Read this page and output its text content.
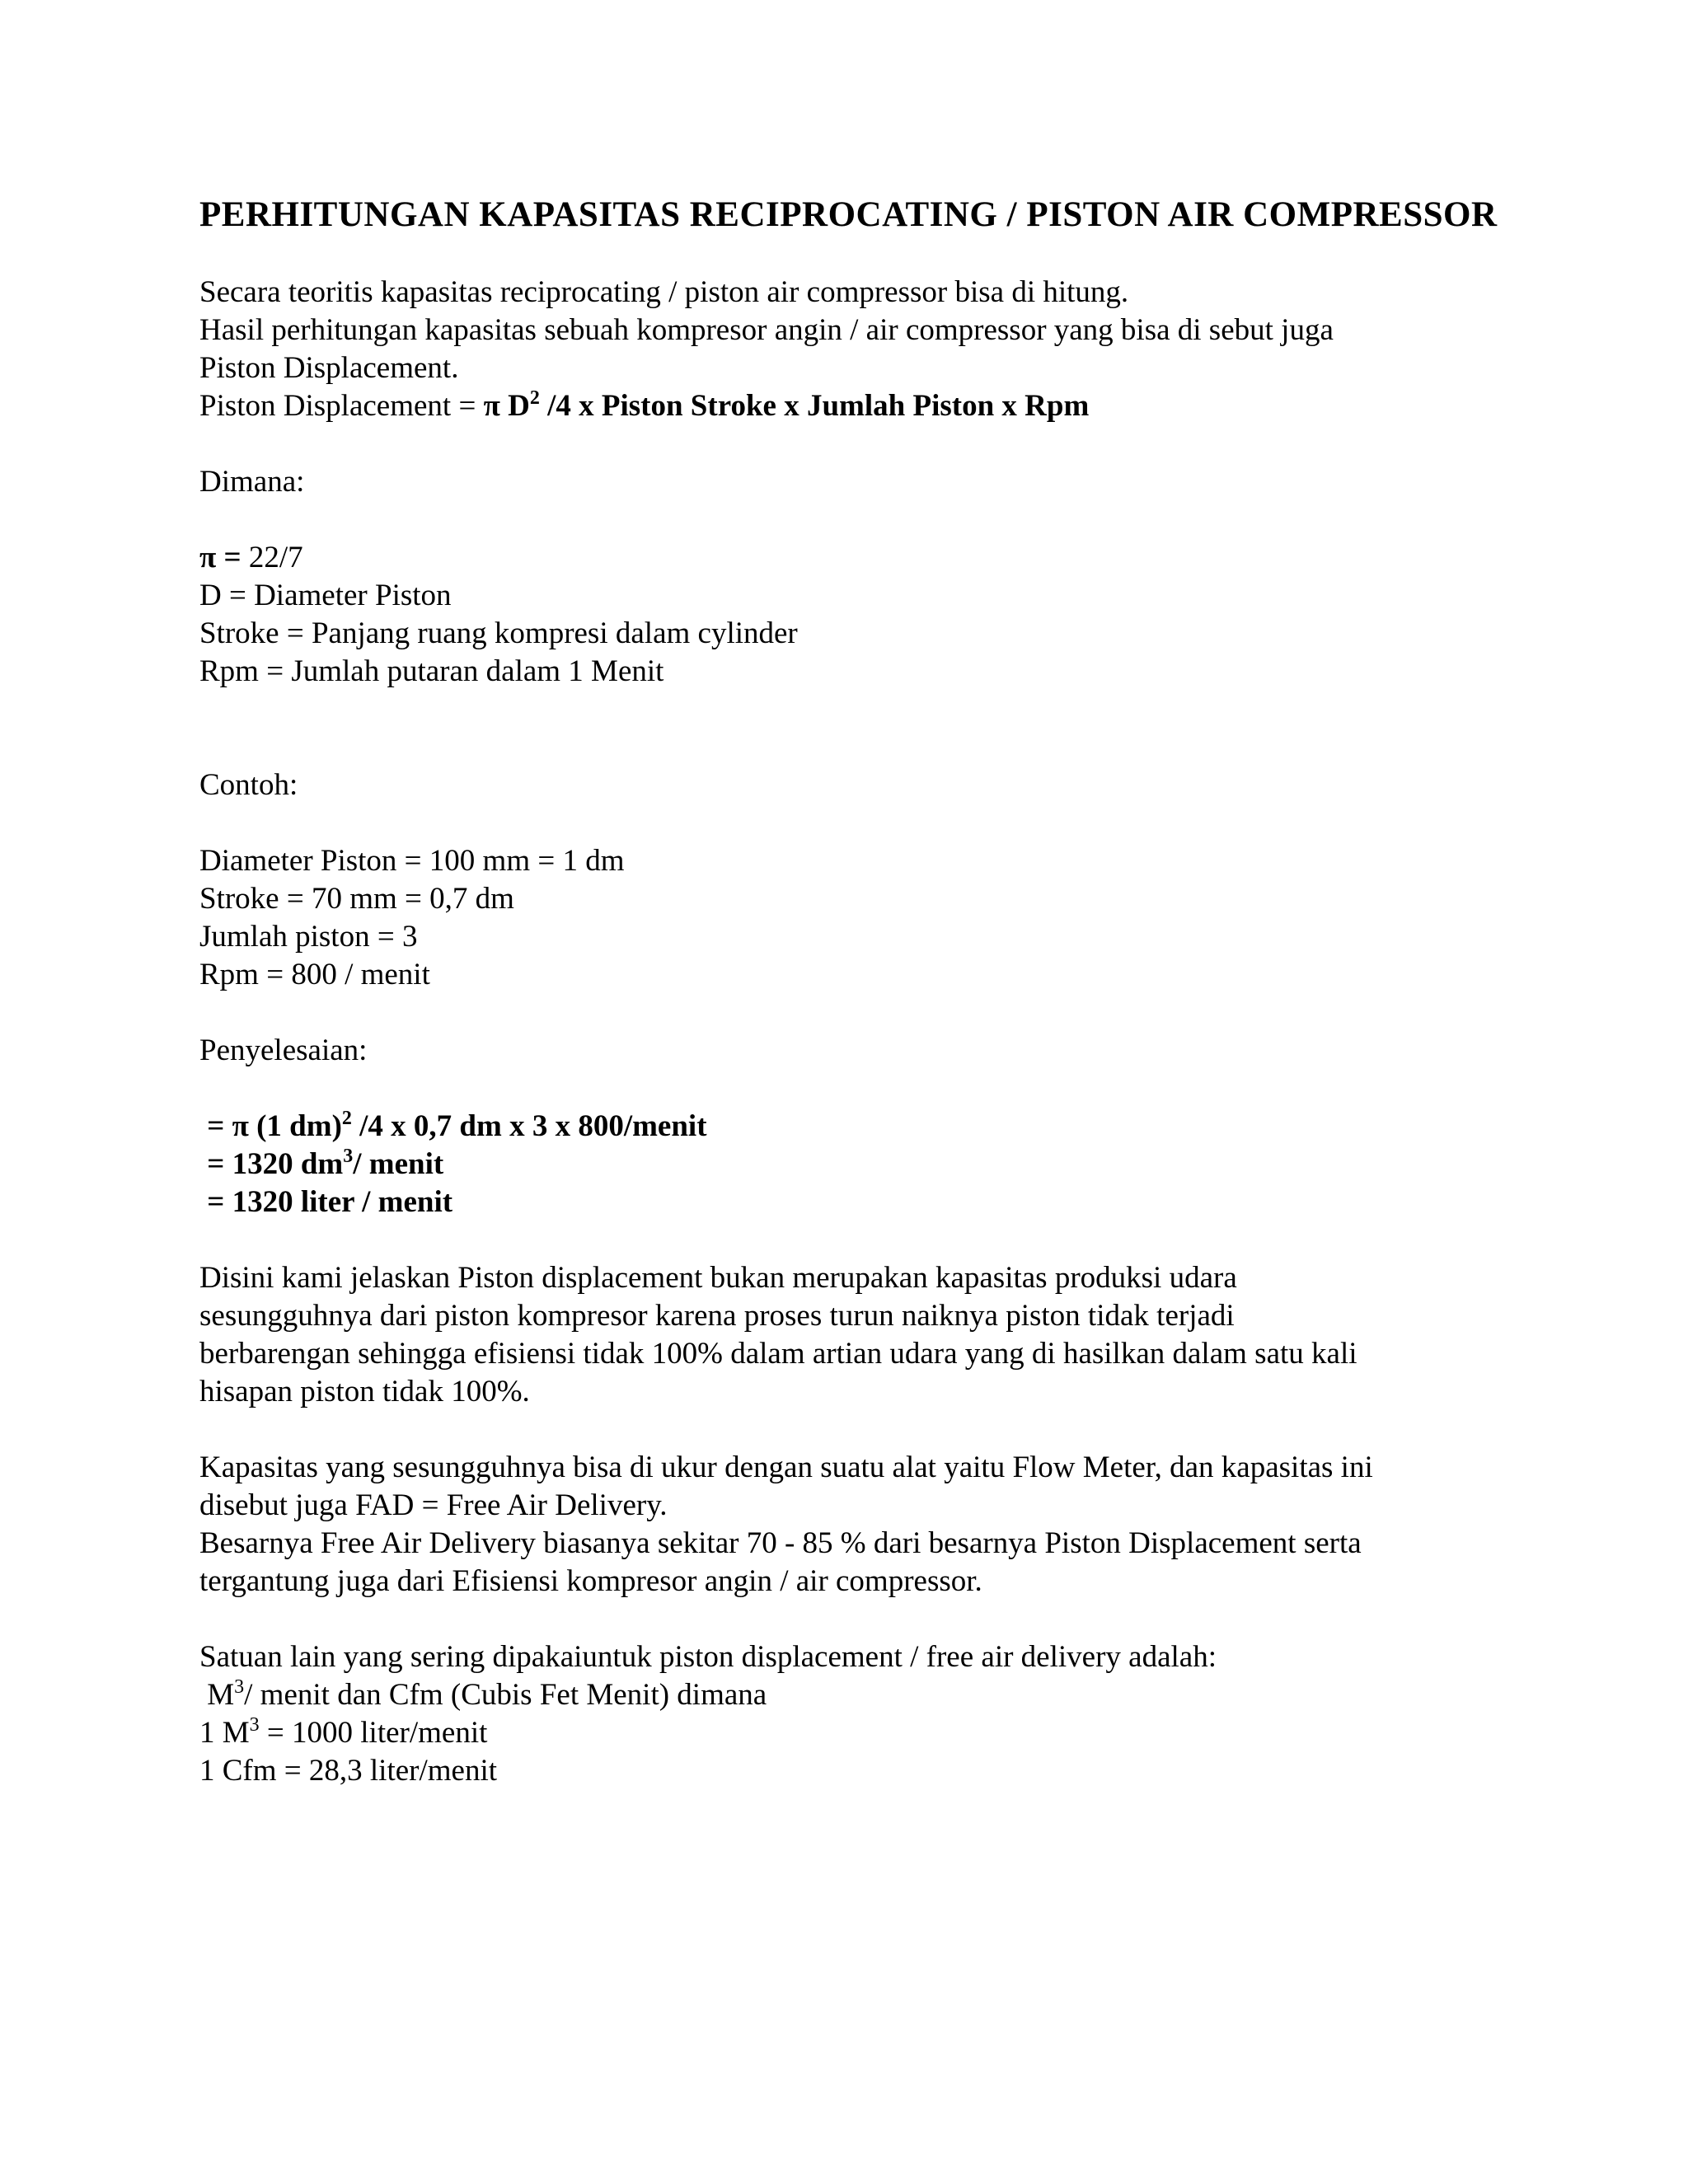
PERHITUNGAN KAPASITAS RECIPROCATING / PISTON AIR COMPRESSOR
Secara teoritis kapasitas reciprocating / piston air compressor bisa di hitung.
Hasil perhitungan kapasitas sebuah kompresor angin / air compressor yang bisa di sebut juga
Piston Displacement.
Piston Displacement = π $D^2$ /4 x Piston Stroke x Jumlah Piston x Rpm
Dimana:
π = 22/7
D = Diameter Piston
Stroke = Panjang ruang kompresi dalam cylinder
Rpm = Jumlah putaran dalam 1 Menit
Contoh:
Diameter Piston = 100 mm = 1 dm
Stroke = 70 mm = 0,7 dm
Jumlah piston = 3
Rpm = 800 / menit
Penyelesaian:
= π (1 dm)$^2$ /4 x 0,7 dm x 3 x 800/menit
= 1320 $dm^3/$ menit
= 1320 liter / menit
Disini kami jelaskan Piston displacement bukan merupakan kapasitas produksi udara
sesungguhnya dari piston kompresor karena proses turun naiknya piston tidak terjadi
berbarengan sehingga efisiensi tidak 100% dalam artian udara yang di hasilkan dalam satu kali
hisapan piston tidak 100%.
Kapasitas yang sesungguhnya bisa di ukur dengan suatu alat yaitu Flow Meter, dan kapasitas ini
disebut juga FAD = Free Air Delivery.
Besarnya Free Air Delivery biasanya sekitar 70 - 85 % dari besarnya Piston Displacement serta
tergantung juga dari Efisiensi kompresor angin / air compressor.
Satuan lain yang sering dipakaiuntuk piston displacement / free air delivery adalah:
$M^3/$ menit dan Cfm (Cubis Fet Menit) dimana
1 $M^3 = 1000$ liter/menit
1 Cfm = 28,3 liter/menit
